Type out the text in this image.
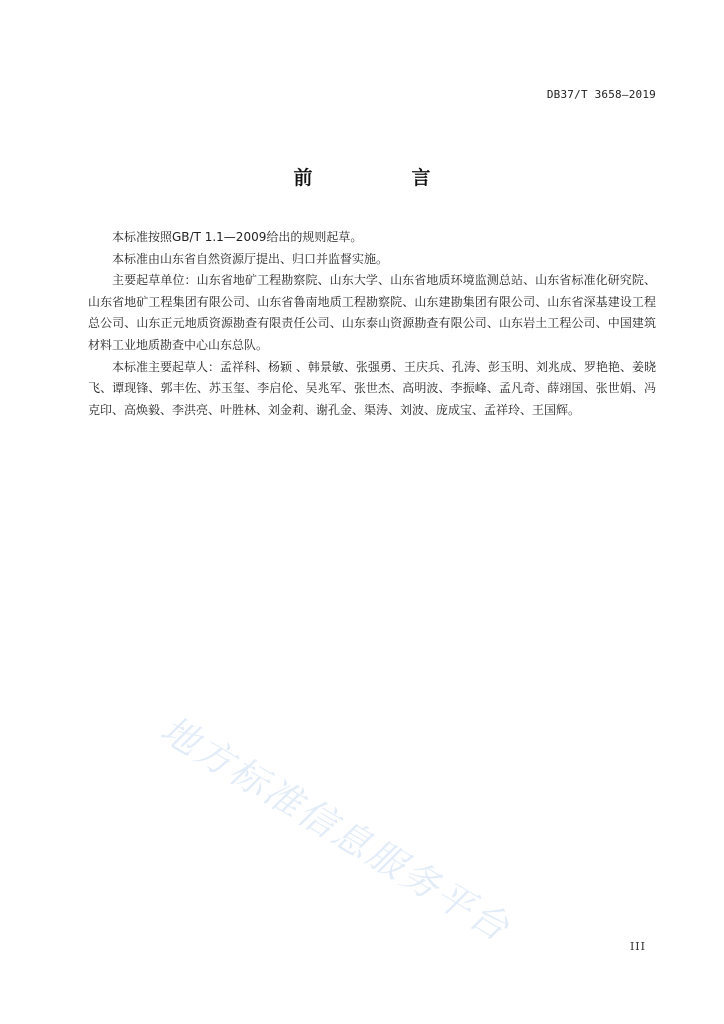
DB37/T 3658—2019
前　言

本标准按照GB/T 1.1—2009给出的规则起草。

本标准由山东省自然资源厅提出、归口并监督实施。

主要起草单位：山东省地矿工程勘察院、山东大学、山东省地质环境监测总站、山东省标准化研究院、山东省地矿工程集团有限公司、山东省鲁南地质工程勘察院、山东建勘集团有限公司、山东省深基建设工程总公司、山东正元地质资源勘查有限责任公司、山东泰山资源勘查有限公司、山东岩土工程公司、中国建筑材料工业地质勘查中心山东总队。

本标准主要起草人：孟祥科、杨颖 、韩景敏、张强勇、王庆兵、孔涛、彭玉明、刘兆成、罗艳艳、姜晓飞、谭现锋、郭丰佐、苏玉玺、李启伦、吴兆军、张世杰、高明波、李振峰、孟凡奇、薛翊国、张世娟、冯克印、高焕毅、李洪亮、叶胜林、刘金莉、谢孔金、渠涛、刘波、庞成宝、孟祥玲、王国辉。

地方标准信息服务平台	III
